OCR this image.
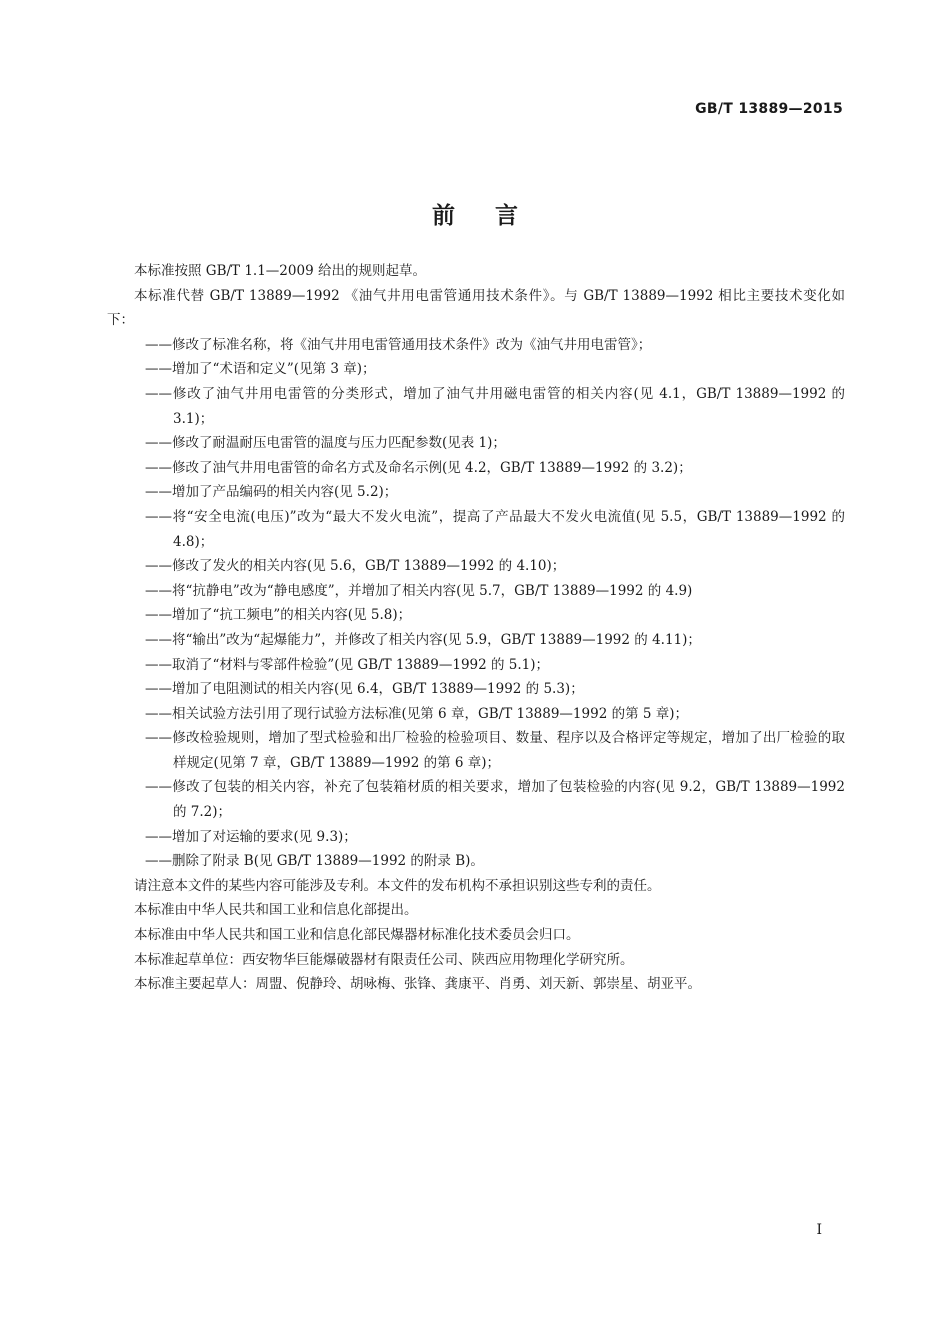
GB/T 13889—2015
前言

本标准按照 GB/T 1.1—2009 给出的规则起草。

本标准代替 GB/T 13889—1992 《油气井用电雷管通用技术条件》。与 GB/T 13889—1992 相比主要技术变化如下：

——修改了标准名称，将《油气井用电雷管通用技术条件》改为《油气井用电雷管》；

——增加了“术语和定义”(见第 3 章)；

——修改了油气井用电雷管的分类形式，增加了油气井用磁电雷管的相关内容(见 4.1，GB/T 13889—1992 的 3.1)；

——修改了耐温耐压电雷管的温度与压力匹配参数(见表 1)；

——修改了油气井用电雷管的命名方式及命名示例(见 4.2，GB/T 13889—1992 的 3.2)；

——增加了产品编码的相关内容(见 5.2)；

——将“安全电流(电压)”改为“最大不发火电流”，提高了产品最大不发火电流值(见 5.5，GB/T 13889—1992 的 4.8)；

——修改了发火的相关内容(见 5.6，GB/T 13889—1992 的 4.10)；

——将“抗静电”改为“静电感度”，并增加了相关内容(见 5.7，GB/T 13889—1992 的 4.9)

——增加了“抗工频电”的相关内容(见 5.8)；

——将“输出”改为“起爆能力”，并修改了相关内容(见 5.9，GB/T 13889—1992 的 4.11)；

——取消了“材料与零部件检验”(见 GB/T 13889—1992 的 5.1)；

——增加了电阻测试的相关内容(见 6.4，GB/T 13889—1992 的 5.3)；

——相关试验方法引用了现行试验方法标准(见第 6 章，GB/T 13889—1992 的第 5 章)；

——修改检验规则，增加了型式检验和出厂检验的检验项目、数量、程序以及合格评定等规定，增加了出厂检验的取样规定(见第 7 章，GB/T 13889—1992 的第 6 章)；

——修改了包装的相关内容，补充了包装箱材质的相关要求，增加了包装检验的内容(见 9.2，GB/T 13889—1992 的 7.2)；

——增加了对运输的要求(见 9.3)；

——删除了附录 B(见 GB/T 13889—1992 的附录 B)。

请注意本文件的某些内容可能涉及专利。本文件的发布机构不承担识别这些专利的责任。

本标准由中华人民共和国工业和信息化部提出。

本标准由中华人民共和国工业和信息化部民爆器材标准化技术委员会归口。

本标准起草单位：西安物华巨能爆破器材有限责任公司、陕西应用物理化学研究所。

本标准主要起草人：周盟、倪静玲、胡咏梅、张锋、龚康平、肖勇、刘天新、郭崇星、胡亚平。

I
